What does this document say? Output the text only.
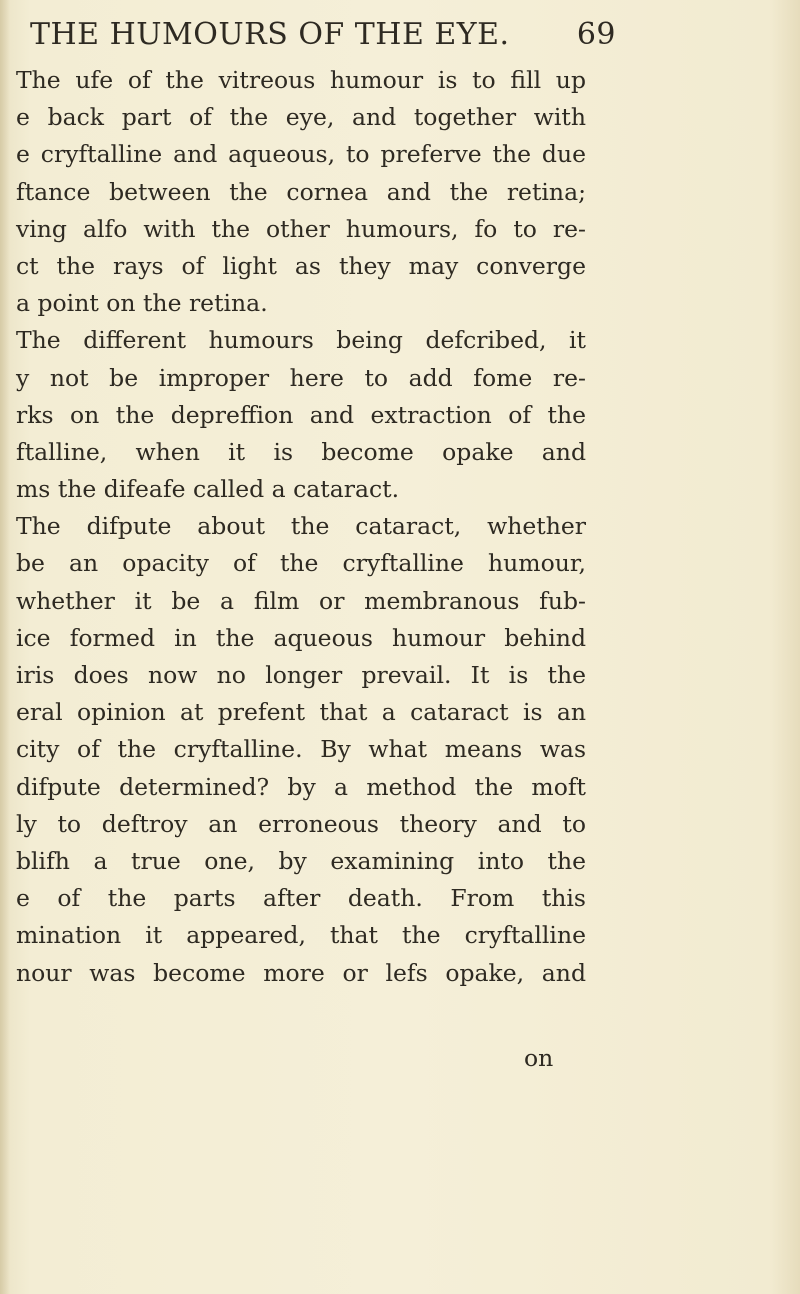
THE HUMOURS OF THE EYE. 69
The ufe of the vitreous humour is to fill up
e back part of the eye, and together with
e cryftalline and aqueous, to preferve the due
ftance between the cornea and the retina;
ving alfo with the other humours, fo to re-
ct the rays of light as they may converge
a point on the retina.
The different humours being defcribed, it
y not be improper here to add fome re-
rks on the depreffion and extraction of the
ftalline, when it is become opake and
ms the difeafe called a cataract.
The difpute about the cataract, whether
be an opacity of the cryftalline humour,
whether it be a film or membranous fub-
ice formed in the aqueous humour behind
iris does now no longer prevail. It is the
eral opinion at prefent that a cataract is an
city of the cryftalline. By what means was
difpute determined? by a method the moft
ly to deftroy an erroneous theory and to
blifh a true one, by examining into the
e of the parts after death. From this
mination it appeared, that the cryftalline
nour was become more or lefs opake, and
on
